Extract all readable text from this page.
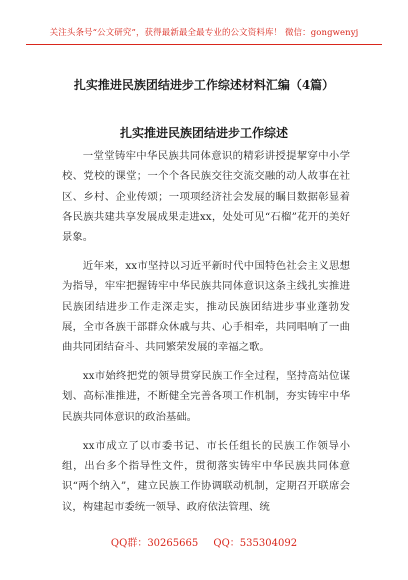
关注头条号“公文研究”，获得最新最全最专业的公文资料库！ 微信：gongwenyj
扎实推进民族团结进步工作综述材料汇编（4篇）
扎实推进民族团结进步工作综述

一堂堂铸牢中华民族共同体意识的精彩讲授提挈穿中小学校、党校的课堂；一个个各民族交往交流交融的动人故事在社区、乡村、企业传颂；一项项经济社会发展的瞩目数据彰显着各民族共建共享发展成果走进xx，处处可见“石榴”花开的美好景象。

近年来，xx市坚持以习近平新时代中国特色社会主义思想为指导，牢牢把握铸牢中华民族共同体意识这条主线扎实推进民族团结进步工作走深走实，推动民族团结进步事业蓬勃发展，全市各族干部群众休戚与共、心手相牵，共同唱响了一曲曲共同团结奋斗、共同繁荣发展的幸福之歌。

xx市始终把党的领导贯穿民族工作全过程，坚持高站位谋划、高标准推进，不断健全完善各项工作机制，夯实铸牢中华民族共同体意识的政治基础。

xx市成立了以市委书记、市长任组长的民族工作领导小组，出台多个指导性文件，贯彻落实铸牢中华民族共同体意识“两个纳入”，建立民族工作协调联动机制，定期召开联席会议，构建起市委统一领导、政府依法管理、统

QQ群：30265665 QQ：535304092
